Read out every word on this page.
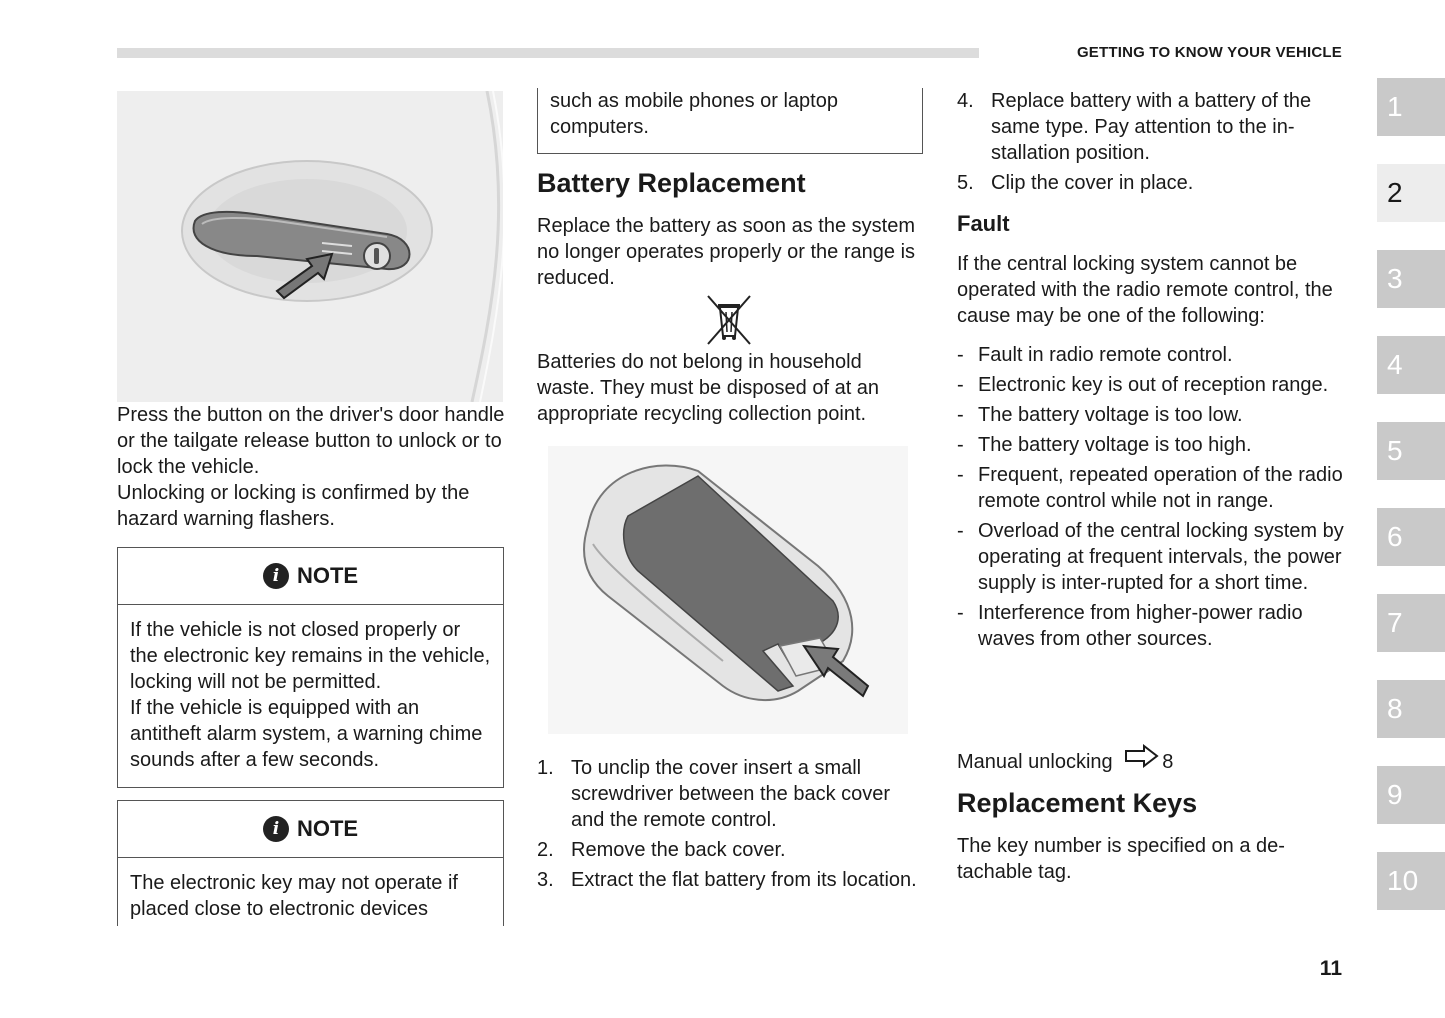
GETTING TO KNOW YOUR VEHICLE

Press the button on the driver's door handle or the tailgate release button to unlock or to lock the vehicle.

Unlocking or locking is confirmed by the hazard warning flashers.

i NOTE

If the vehicle is not closed properly or the electronic key remains in the vehicle, locking will not be permitted.

If the vehicle is equipped with an antitheft alarm system, a warning chime sounds after a few seconds.

i NOTE

The electronic key may not operate if placed close to electronic devices

such as mobile phones or laptop computers.
Battery Replacement
Replace the battery as soon as the system no longer operates properly or the range is reduced.
Batteries do not belong in household waste. They must be disposed of at an appropriate recycling collection point.
1. To unclip the cover insert a small screwdriver between the back cover and the remote control.
2. Remove the back cover.
3. Extract the flat battery from its location.
4. Replace battery with a battery of the same type. Pay attention to the in-stallation position.
5. Clip the cover in place.
Fault
If the central locking system cannot be operated with the radio remote control, the cause may be one of the following:
- Fault in radio remote control.
- Electronic key is out of reception range.
- The battery voltage is too low.
- The battery voltage is too high.
- Frequent, repeated operation of the radio remote control while not in range.
- Overload of the central locking system by operating at frequent intervals, the power supply is inter-rupted for a short time.
- Interference from higher-power radio waves from other sources.
Manual unlocking 8
Replacement Keys
The key number is specified on a de-tachable tag.
1
2
3
4
5
6
7
8
9
10
11
